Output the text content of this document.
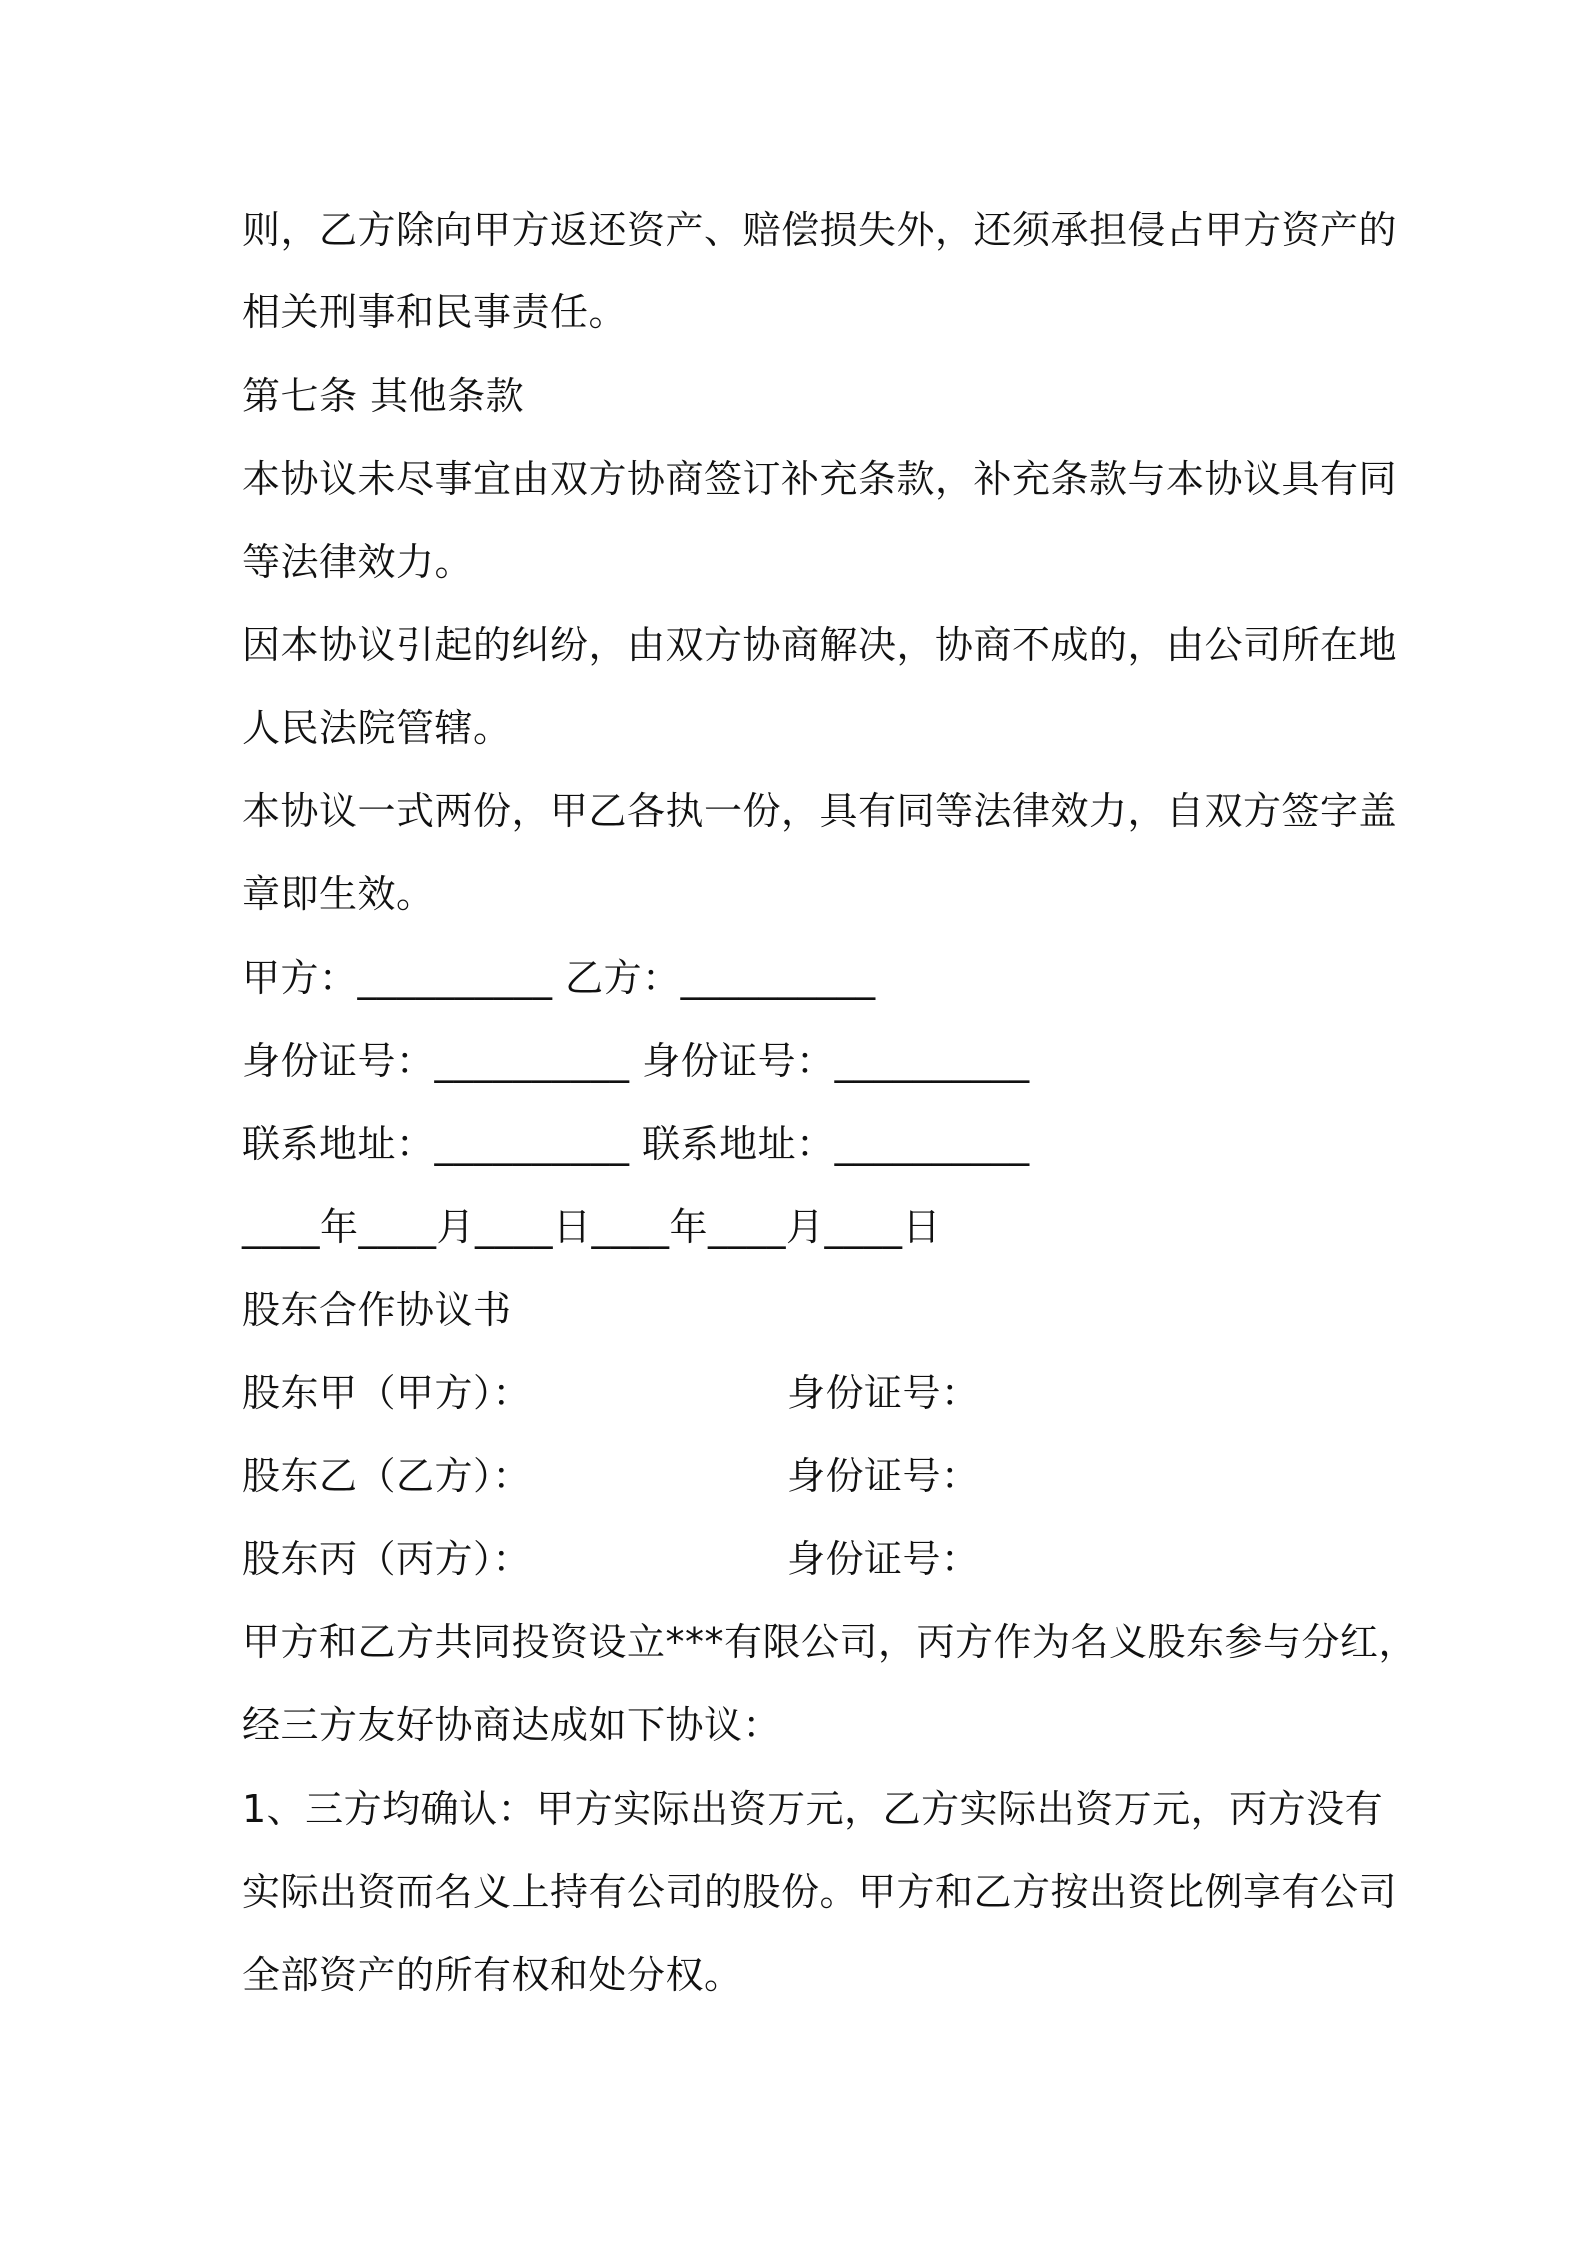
则，乙方除向甲方返还资产、赔偿损失外，还须承担侵占甲方资产的
相关刑事和民事责任。
第七条 其他条款
本协议未尽事宜由双方协商签订补充条款，补充条款与本协议具有同
等法律效力。
因本协议引起的纠纷，由双方协商解决，协商不成的，由公司所在地
人民法院管辖。
本协议一式两份，甲乙各执一份，具有同等法律效力，自双方签字盖
章即生效。
甲方：__________ 乙方：__________
身份证号：__________ 身份证号：__________
联系地址：__________ 联系地址：__________
____年____月____日____年____月____日
股东合作协议书
股东甲（甲方）：	身份证号：
股东乙（乙方）：	身份证号：
股东丙（丙方）：	身份证号：
甲方和乙方共同投资设立***有限公司，丙方作为名义股东参与分红，
经三方友好协商达成如下协议：
1、三方均确认：甲方实际出资万元，乙方实际出资万元，丙方没有
实际出资而名义上持有公司的股份。甲方和乙方按出资比例享有公司
全部资产的所有权和处分权。
